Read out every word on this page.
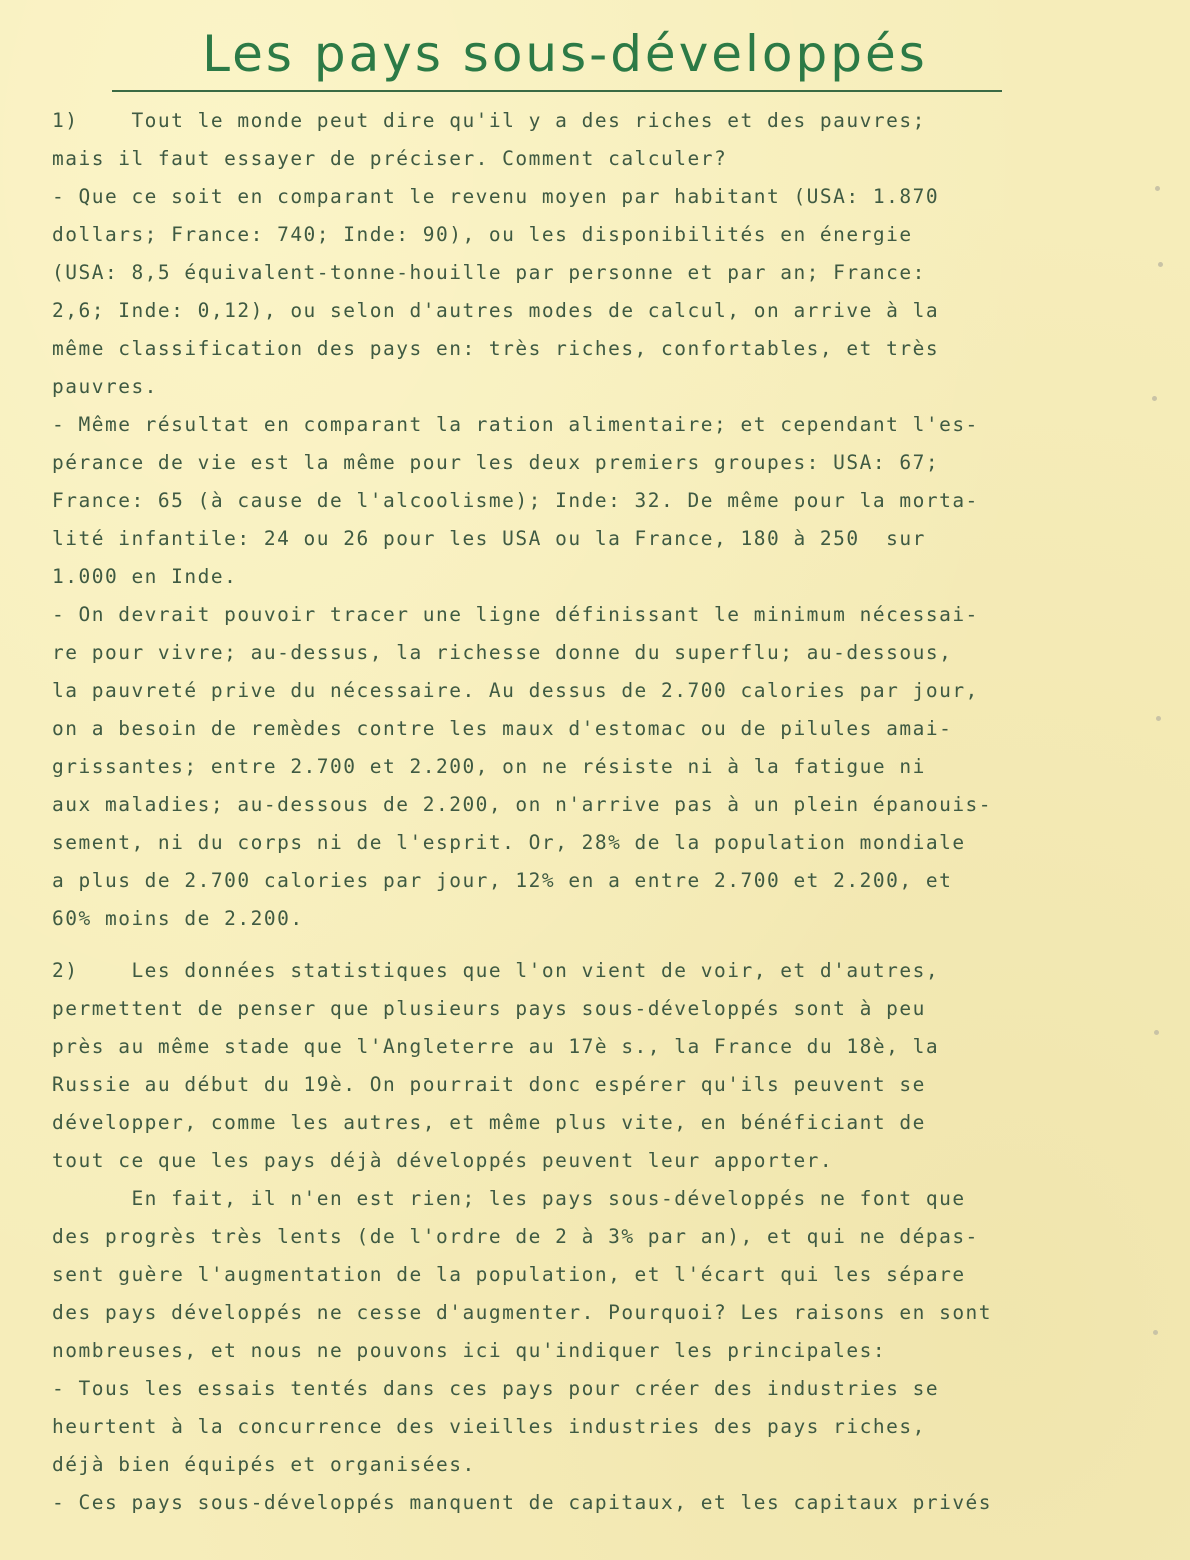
Les pays sous-développés
1)    Tout le monde peut dire qu'il y a des riches et des pauvres;
mais il faut essayer de préciser. Comment calculer?
- Que ce soit en comparant le revenu moyen par habitant (USA: 1.870
dollars; France: 740; Inde: 90), ou les disponibilités en énergie
(USA: 8,5 équivalent-tonne-houille par personne et par an; France:
2,6; Inde: 0,12), ou selon d'autres modes de calcul, on arrive à la
même classification des pays en: très riches, confortables, et très
pauvres.
- Même résultat en comparant la ration alimentaire; et cependant l'es-
pérance de vie est la même pour les deux premiers groupes: USA: 67;
France: 65 (à cause de l'alcoolisme); Inde: 32. De même pour la morta-
lité infantile: 24 ou 26 pour les USA ou la France, 180 à 250  sur
1.000 en Inde.
- On devrait pouvoir tracer une ligne définissant le minimum nécessai-
re pour vivre; au-dessus, la richesse donne du superflu; au-dessous,
la pauvreté prive du nécessaire. Au dessus de 2.700 calories par jour,
on a besoin de remèdes contre les maux d'estomac ou de pilules amai-
grissantes; entre 2.700 et 2.200, on ne résiste ni à la fatigue ni
aux maladies; au-dessous de 2.200, on n'arrive pas à un plein épanouis-
sement, ni du corps ni de l'esprit. Or, 28% de la population mondiale
a plus de 2.700 calories par jour, 12% en a entre 2.700 et 2.200, et
60% moins de 2.200.
2)    Les données statistiques que l'on vient de voir, et d'autres,
permettent de penser que plusieurs pays sous-développés sont à peu
près au même stade que l'Angleterre au 17è s., la France du 18è, la
Russie au début du 19è. On pourrait donc espérer qu'ils peuvent se
développer, comme les autres, et même plus vite, en bénéficiant de
tout ce que les pays déjà développés peuvent leur apporter.
En fait, il n'en est rien; les pays sous-développés ne font que
des progrès très lents (de l'ordre de 2 à 3% par an), et qui ne dépas-
sent guère l'augmentation de la population, et l'écart qui les sépare
des pays développés ne cesse d'augmenter. Pourquoi? Les raisons en sont
nombreuses, et nous ne pouvons ici qu'indiquer les principales:
- Tous les essais tentés dans ces pays pour créer des industries se
heurtent à la concurrence des vieilles industries des pays riches,
déjà bien équipés et organisées.
- Ces pays sous-développés manquent de capitaux, et les capitaux privés
